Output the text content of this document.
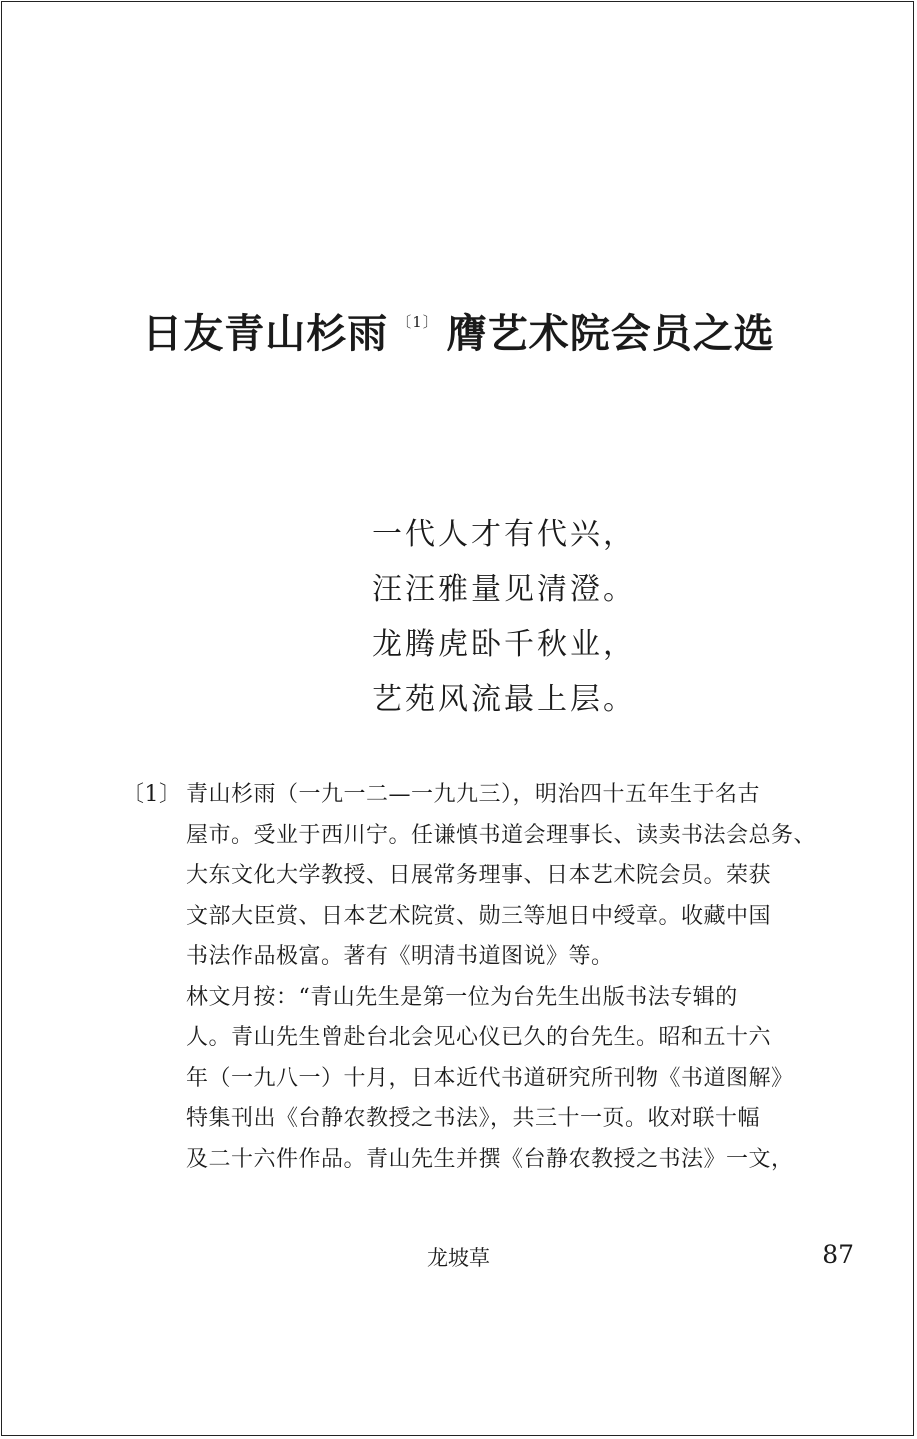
日友青山杉雨 $^{〔1〕}$ 膺艺术院会员之选
一代人才有代兴，
汪汪雅量见清澄。
龙腾虎卧千秋业，
艺苑风流最上层。
〔1〕 青山杉雨（一九一二—一九九三），明治四十五年生于名古
屋市。受业于西川宁。任谦慎书道会理事长、读卖书法会总务、
大东文化大学教授、日展常务理事、日本艺术院会员。荣获
文部大臣赏、日本艺术院赏、勋三等旭日中绶章。收藏中国
书法作品极富。著有《明清书道图说》等。
林文月按：“青山先生是第一位为台先生出版书法专辑的
人。青山先生曾赴台北会见心仪已久的台先生。昭和五十六
年（一九八一）十月，日本近代书道研究所刊物《书道图解》
特集刊出《台静农教授之书法》，共三十一页。收对联十幅
及二十六件作品。青山先生并撰《台静农教授之书法》一文，
龙坡草	87
